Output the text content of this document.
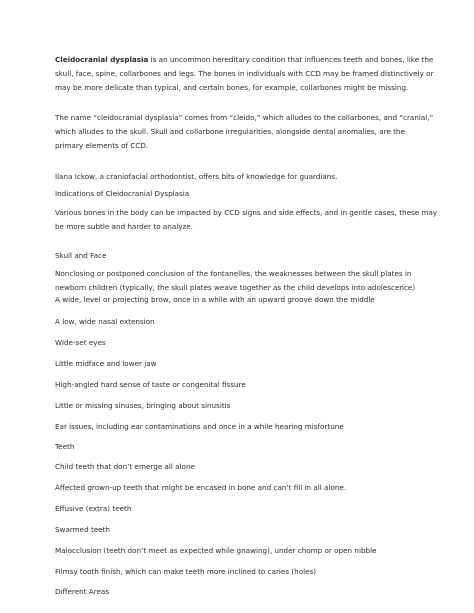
Cleidocranial dysplasia is an uncommon hereditary condition that influences teeth and bones, like the
skull, face, spine, collarbones and legs. The bones in individuals with CCD may be framed distinctively or
may be more delicate than typical, and certain bones, for example, collarbones might be missing.

The name “cleidocranial dysplasia” comes from “cleido,” which alludes to the collarbones, and “cranial,”
which alludes to the skull. Skull and collarbone irregularities, alongside dental anomalies, are the
primary elements of CCD.

Ilana Ickow, a craniofacial orthodontist, offers bits of knowledge for guardians.

Indications of Cleidocranial Dysplasia

Various bones in the body can be impacted by CCD signs and side effects, and in gentle cases, these may
be more subtle and harder to analyze.

Skull and Face

Nonclosing or postponed conclusion of the fontanelles, the weaknesses between the skull plates in
newborn children (typically, the skull plates weave together as the child develops into adolescence)

A wide, level or projecting brow, once in a while with an upward groove down the middle

A low, wide nasal extension

Wide-set eyes

Little midface and lower jaw

High-angled hard sense of taste or congenital fissure

Little or missing sinuses, bringing about sinusitis

Ear issues, including ear contaminations and once in a while hearing misfortune

Teeth

Child teeth that don’t emerge all alone

Affected grown-up teeth that might be encased in bone and can’t fill in all alone.

Effusive (extra) teeth

Swarmed teeth

Malocclusion (teeth don’t meet as expected while gnawing), under chomp or open nibble

Filmsy tooth finish, which can make teeth more inclined to caries (holes)

Different Areas
